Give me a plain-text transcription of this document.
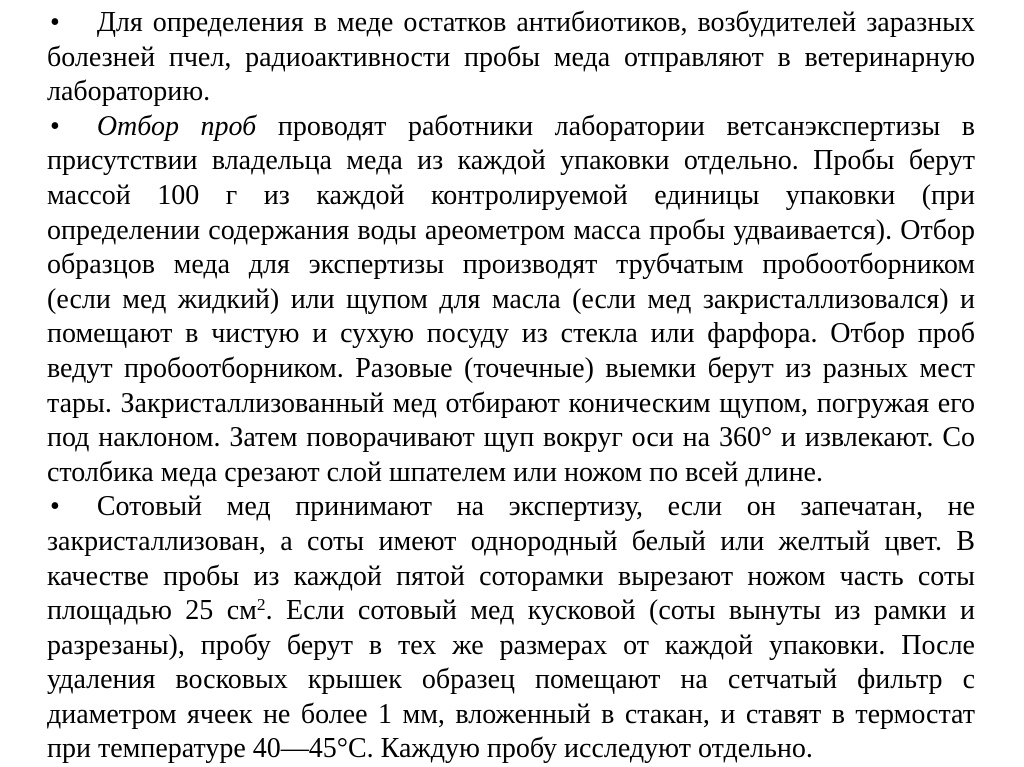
• Для определения в меде остатков антибиотиков, возбудителей заразных болезней пчел, радиоактивности пробы меда отправляют в ветеринарную лабораторию.

• Отбор проб проводят работники лаборатории ветсанэкспертизы в присутствии владельца меда из каждой упаковки отдельно. Пробы берут массой 100 г из каждой контролируемой единицы упаковки (при определении содержания воды ареометром масса пробы удваивается). Отбор образцов меда для экспертизы производят трубчатым пробоотборником (если мед жидкий) или щупом для масла (если мед закристаллизовался) и помещают в чистую и сухую посуду из стекла или фарфора. Отбор проб ведут пробоотборником. Разовые (точечные) выемки берут из разных мест тары. Закристаллизованный мед отбирают коническим щупом, погружая его под наклоном. Затем поворачивают щуп вокруг оси на 360° и извлекают. Со столбика меда срезают слой шпателем или ножом по всей длине.

• Сотовый мед принимают на экспертизу, если он запечатан, не закристаллизован, а соты имеют однородный белый или желтый цвет. В качестве пробы из каждой пятой соторамки вырезают ножом часть соты площадью 25 $см^2$. Если сотовый мед кусковой (соты вынуты из рамки и разрезаны), пробу берут в тех же размерах от каждой упаковки. После удаления восковых крышек образец помещают на сетчатый фильтр с диаметром ячеек не более 1 мм, вложенный в стакан, и ставят в термостат при температуре 40—45°С. Каждую пробу исследуют отдельно.
